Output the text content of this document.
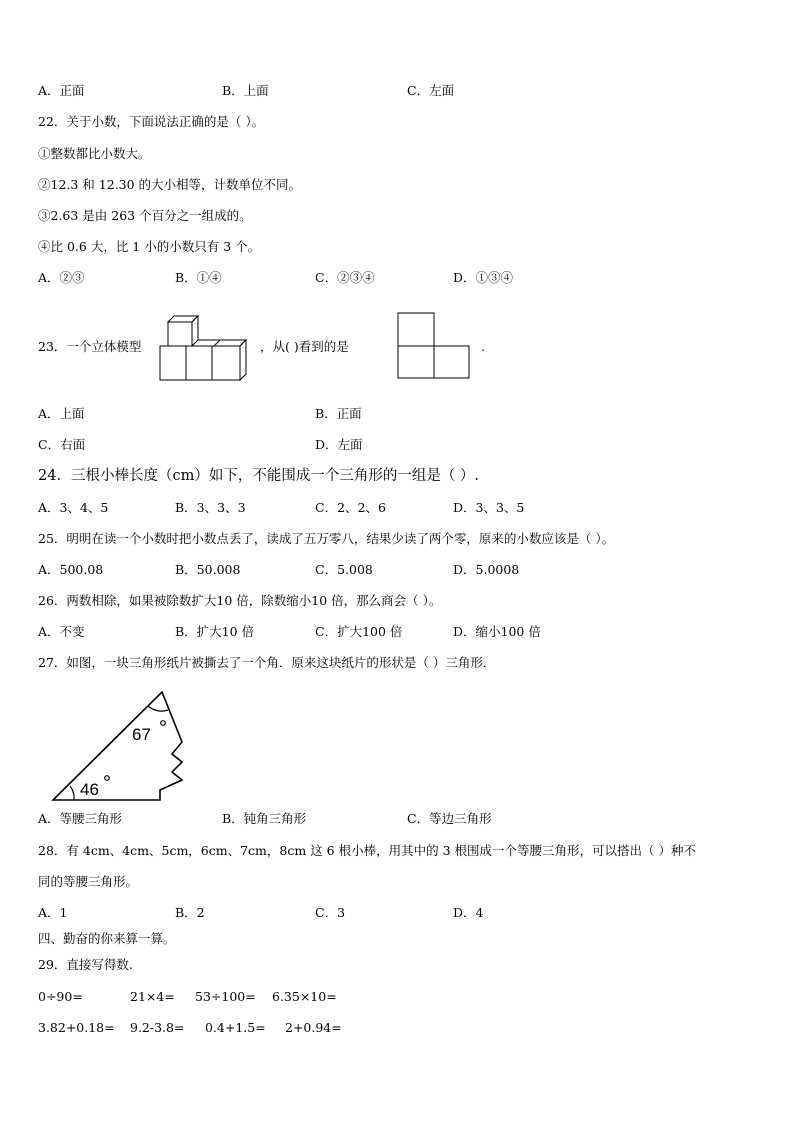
A．正面	B．上面	C．左面
22．关于小数，下面说法正确的是（ ）。
①整数都比小数大。
②12.3 和 12.30 的大小相等，计数单位不同。
③2.63 是由 263 个百分之一组成的。
④比 0.6 大，比 1 小的小数只有 3 个。
A．②③	B．①④	C．②③④	D．①③④
23．一个立体模型	，从( )看到的是	.
A．上面	B．正面
C．右面	D．左面
24．三根小棒长度（cm）如下，不能围成一个三角形的一组是（ ）.
A．3、4、5	B．3、3、3	C．2、2、6	D．3、3、5
25．明明在读一个小数时把小数点丢了，读成了五万零八，结果少读了两个零，原来的小数应该是（ ）。
A．500.08	B．50.008	C．5.008	D．5.0008
26．两数相除，如果被除数扩大10 倍，除数缩小10 倍，那么商会（ ）。
A．不变	B．扩大10 倍	C．扩大100 倍	D．缩小100 倍
27．如图，一块三角形纸片被撕去了一个角．原来这块纸片的形状是（ ）三角形．
67
46
A．等腰三角形	B．钝角三角形	C．等边三角形
28．有 4cm、4cm、5cm，6cm、7cm，8cm 这 6 根小棒，用其中的 3 根围成一个等腰三角形，可以搭出（ ）种不
同的等腰三角形。
A．1	B．2	C．3	D．4
四、勤奋的你来算一算。
29．直接写得数.
0÷90=	21×4= 53÷100= 6.35×10=
3.82+0.18= 9.2-3.8= 0.4+1.5= 2+0.94=
